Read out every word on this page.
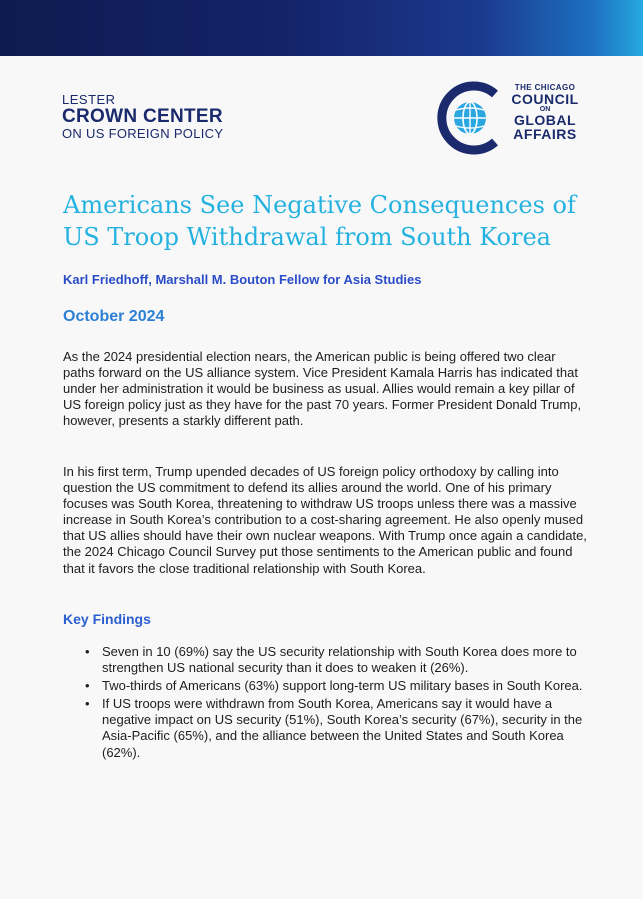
LESTER
CROWN CENTER
ON US FOREIGN POLICY
THE CHICAGO
COUNCIL
ON
GLOBAL
AFFAIRS
Americans See Negative Consequences of US Troop Withdrawal from South Korea
Karl Friedhoff, Marshall M. Bouton Fellow for Asia Studies
October 2024

As the 2024 presidential election nears, the American public is being offered two clear paths forward on the US alliance system. Vice President Kamala Harris has indicated that under her administration it would be business as usual. Allies would remain a key pillar of US foreign policy just as they have for the past 70 years. Former President Donald Trump, however, presents a starkly different path.

In his first term, Trump upended decades of US foreign policy orthodoxy by calling into question the US commitment to defend its allies around the world. One of his primary focuses was South Korea, threatening to withdraw US troops unless there was a massive increase in South Korea’s contribution to a cost-sharing agreement. He also openly mused that US allies should have their own nuclear weapons. With Trump once again a candidate, the 2024 Chicago Council Survey put those sentiments to the American public and found that it favors the close traditional relationship with South Korea.

Key Findings
• Seven in 10 (69%) say the US security relationship with South Korea does more to strengthen US national security than it does to weaken it (26%).
• Two-thirds of Americans (63%) support long-term US military bases in South Korea.
• If US troops were withdrawn from South Korea, Americans say it would have a negative impact on US security (51%), South Korea’s security (67%), security in the Asia-Pacific (65%), and the alliance between the United States and South Korea (62%).
